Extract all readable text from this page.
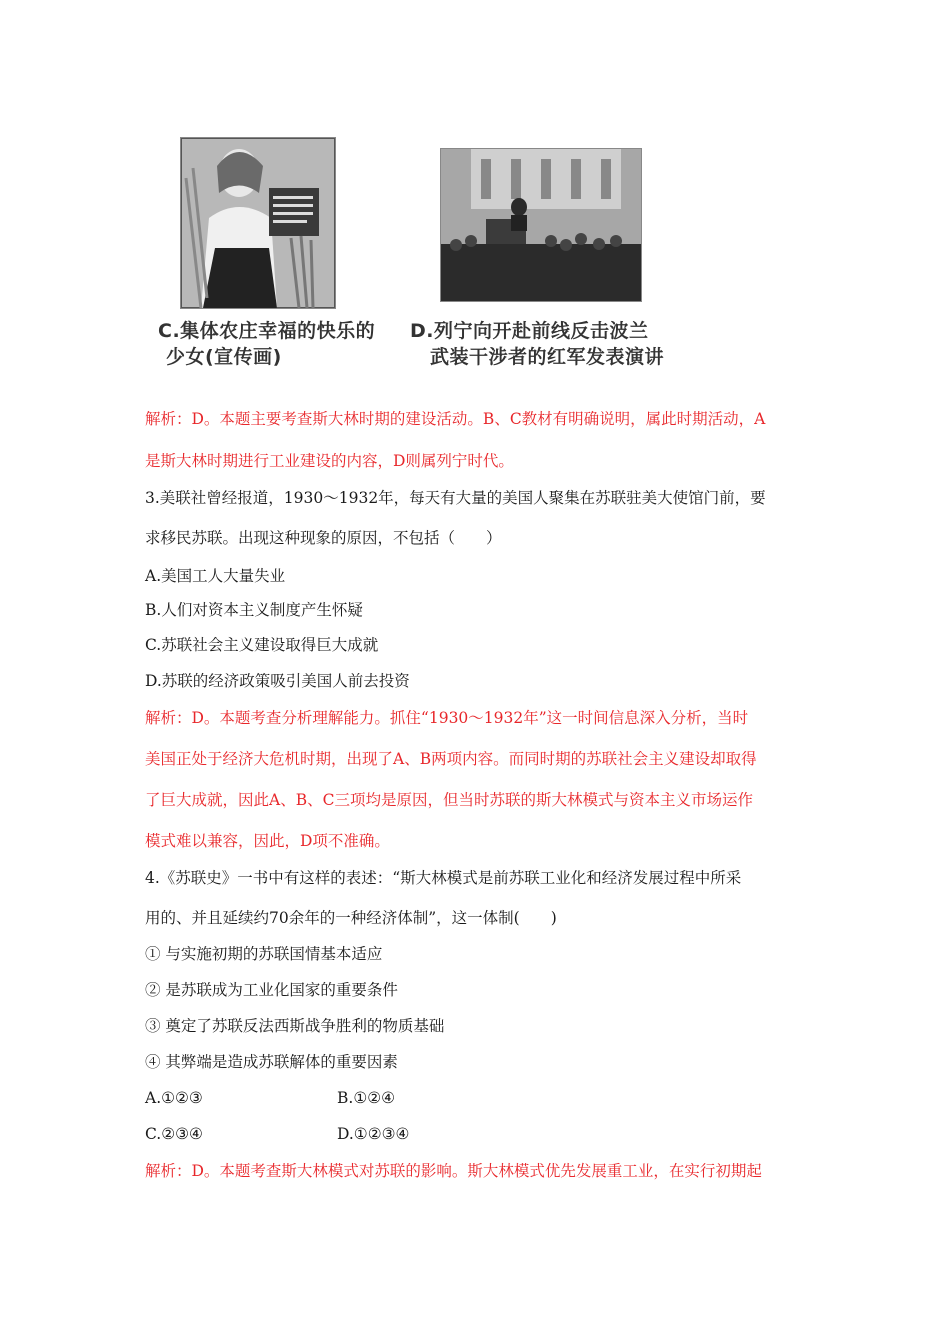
C.集体农庄幸福的快乐的
少女(宣传画)
D.列宁向开赴前线反击波兰
武装干涉者的红军发表演讲
解析：D。本题主要考查斯大林时期的建设活动。B、C教材有明确说明，属此时期活动，A
是斯大林时期进行工业建设的内容，D则属列宁时代。
3.美联社曾经报道，1930～1932年，每天有大量的美国人聚集在苏联驻美大使馆门前，要
求移民苏联。出现这种现象的原因，不包括（　　）
A.美国工人大量失业
B.人们对资本主义制度产生怀疑
C.苏联社会主义建设取得巨大成就
D.苏联的经济政策吸引美国人前去投资
解析：D。本题考查分析理解能力。抓住“1930～1932年”这一时间信息深入分析，当时
美国正处于经济大危机时期，出现了A、B两项内容。而同时期的苏联社会主义建设却取得
了巨大成就，因此A、B、C三项均是原因，但当时苏联的斯大林模式与资本主义市场运作
模式难以兼容，因此，D项不准确。
4.《苏联史》一书中有这样的表述：“斯大林模式是前苏联工业化和经济发展过程中所采
用的、并且延续约70余年的一种经济体制”，这一体制(　　)
① 与实施初期的苏联国情基本适应
② 是苏联成为工业化国家的重要条件
③ 奠定了苏联反法西斯战争胜利的物质基础
④ 其弊端是造成苏联解体的重要因素
A.①②③	B.①②④
C.②③④	D.①②③④
解析：D。本题考查斯大林模式对苏联的影响。斯大林模式优先发展重工业，在实行初期起
